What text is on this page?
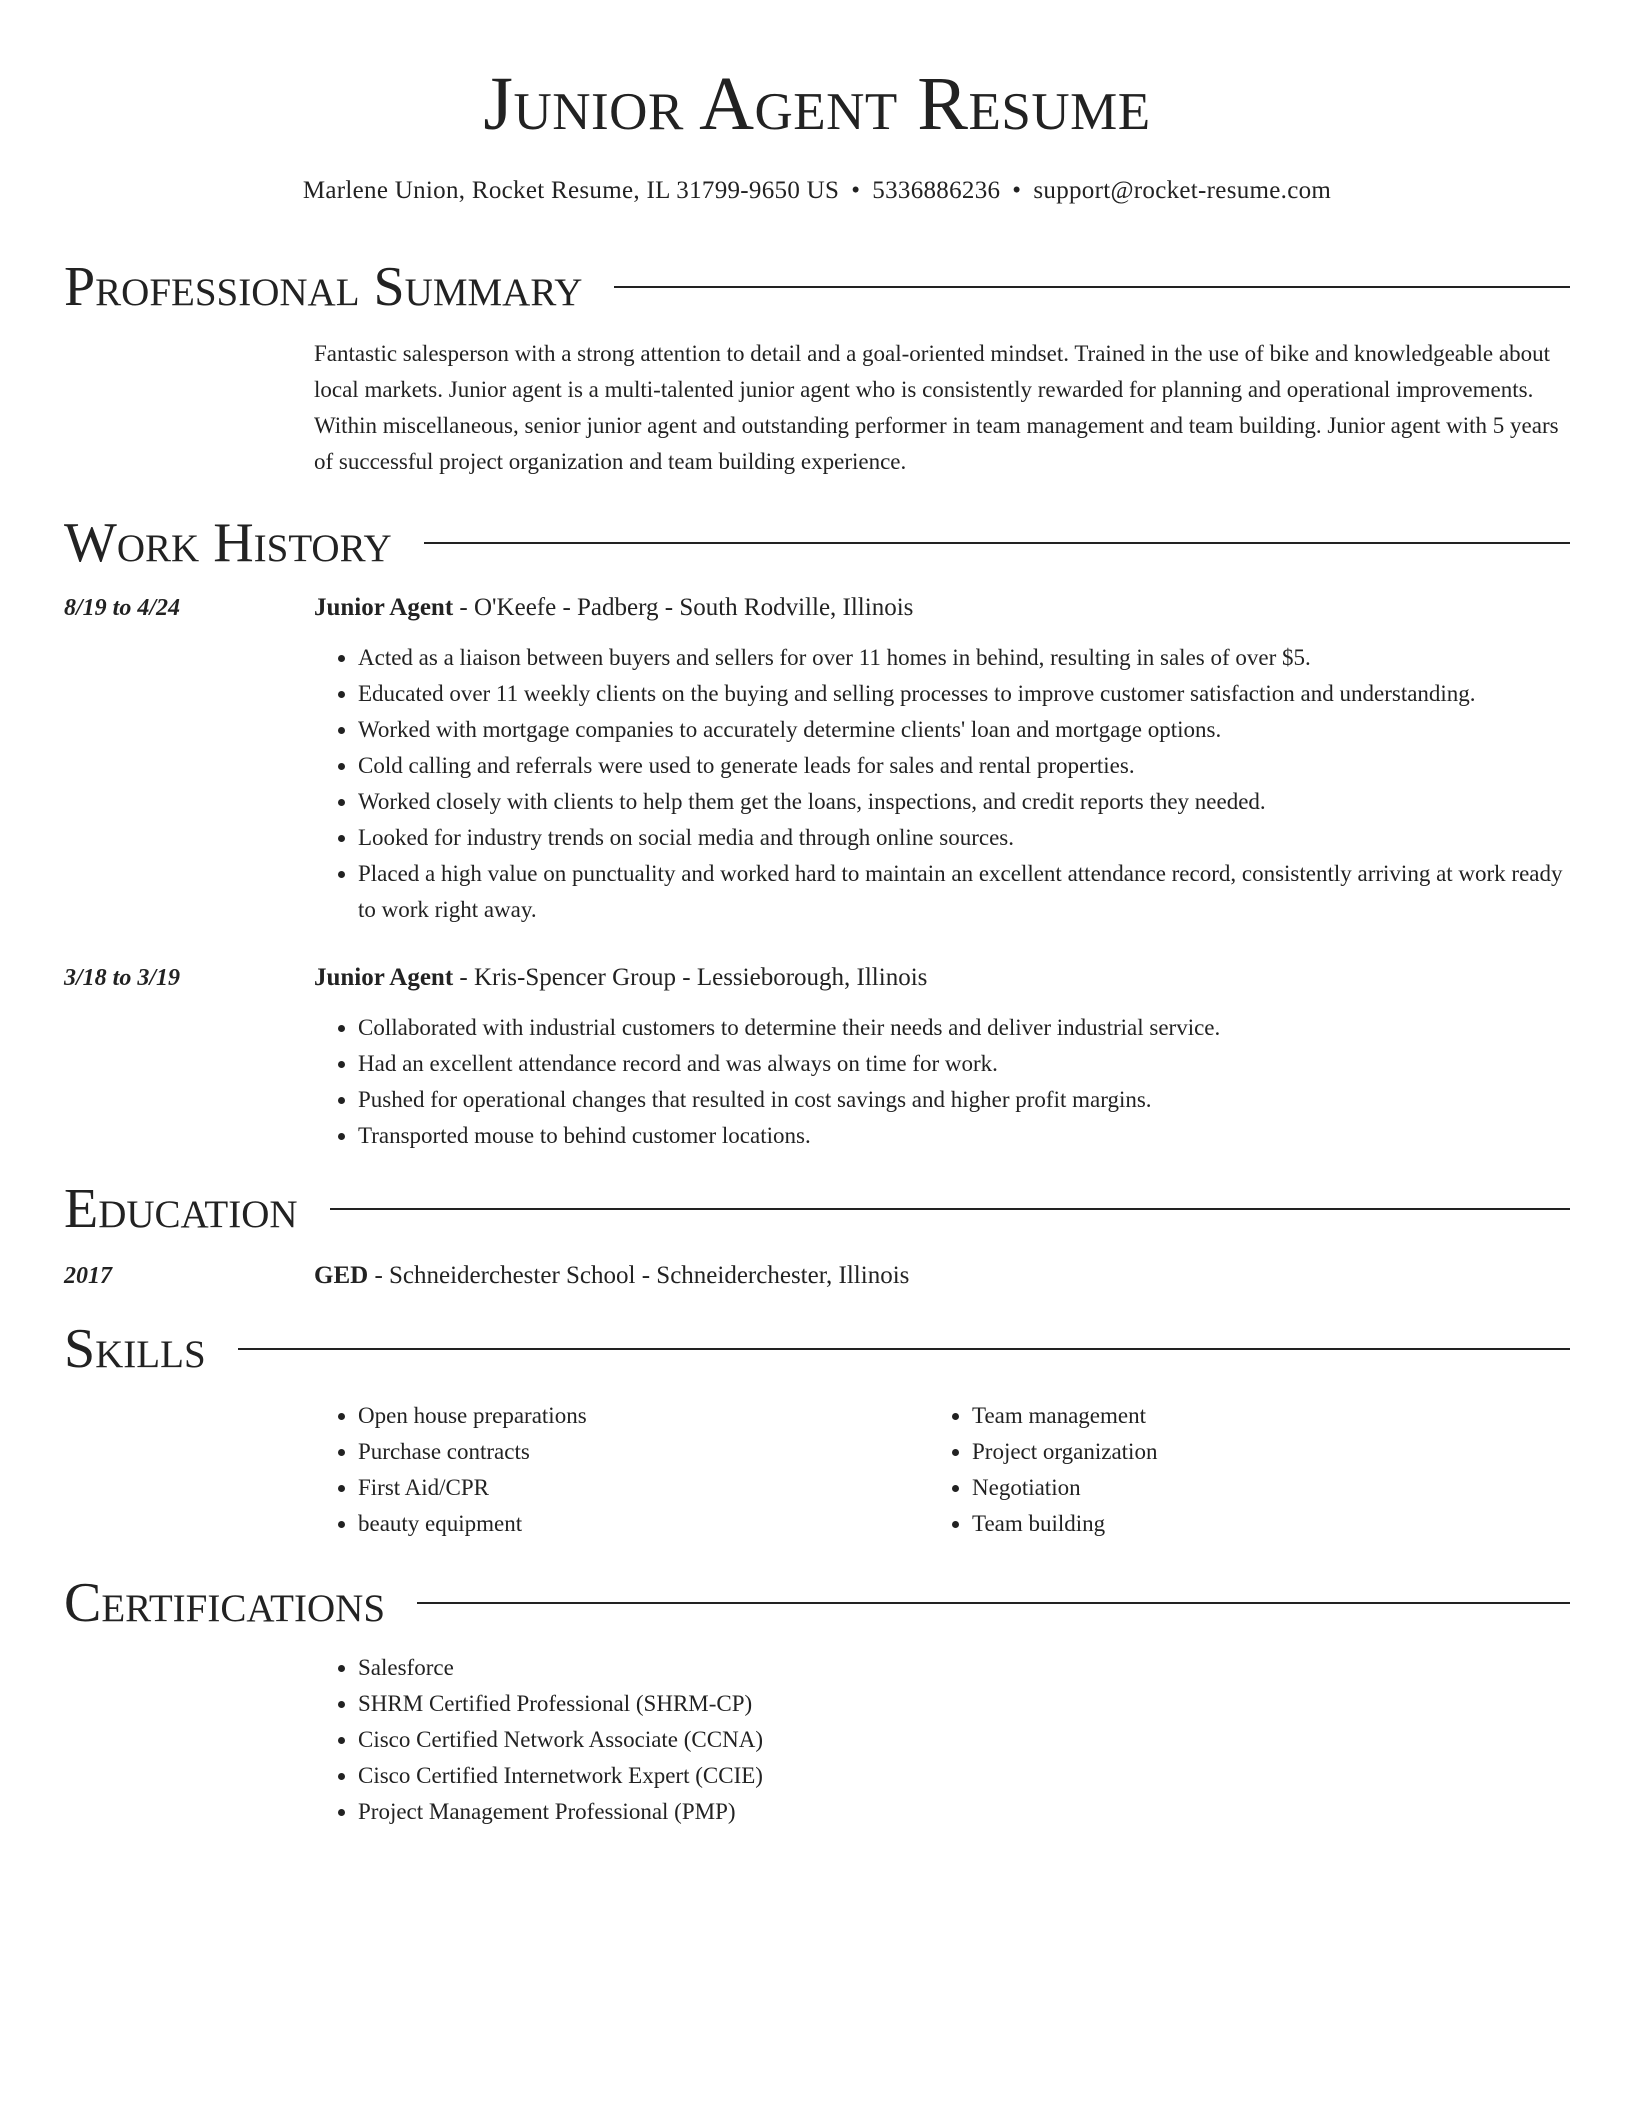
Junior Agent Resume
Marlene Union, Rocket Resume, IL 31799-9650 US • 5336886236 • support@rocket-resume.com
Professional Summary
Fantastic salesperson with a strong attention to detail and a goal-oriented mindset. Trained in the use of bike and knowledgeable about local markets. Junior agent is a multi-talented junior agent who is consistently rewarded for planning and operational improvements. Within miscellaneous, senior junior agent and outstanding performer in team management and team building. Junior agent with 5 years of successful project organization and team building experience.
Work History
8/19 to 4/24	Junior Agent - O'Keefe - Padberg - South Rodville, Illinois
• Acted as a liaison between buyers and sellers for over 11 homes in behind, resulting in sales of over $5.
• Educated over 11 weekly clients on the buying and selling processes to improve customer satisfaction and understanding.
• Worked with mortgage companies to accurately determine clients' loan and mortgage options.
• Cold calling and referrals were used to generate leads for sales and rental properties.
• Worked closely with clients to help them get the loans, inspections, and credit reports they needed.
• Looked for industry trends on social media and through online sources.
• Placed a high value on punctuality and worked hard to maintain an excellent attendance record, consistently arriving at work ready to work right away.
3/18 to 3/19	Junior Agent - Kris-Spencer Group - Lessieborough, Illinois
• Collaborated with industrial customers to determine their needs and deliver industrial service.
• Had an excellent attendance record and was always on time for work.
• Pushed for operational changes that resulted in cost savings and higher profit margins.
• Transported mouse to behind customer locations.
Education
2017	GED - Schneiderchester School - Schneiderchester, Illinois
Skills
• Open house preparations
• Purchase contracts
• First Aid/CPR
• beauty equipment
• Team management
• Project organization
• Negotiation
• Team building
Certifications
• Salesforce
• SHRM Certified Professional (SHRM-CP)
• Cisco Certified Network Associate (CCNA)
• Cisco Certified Internetwork Expert (CCIE)
• Project Management Professional (PMP)
